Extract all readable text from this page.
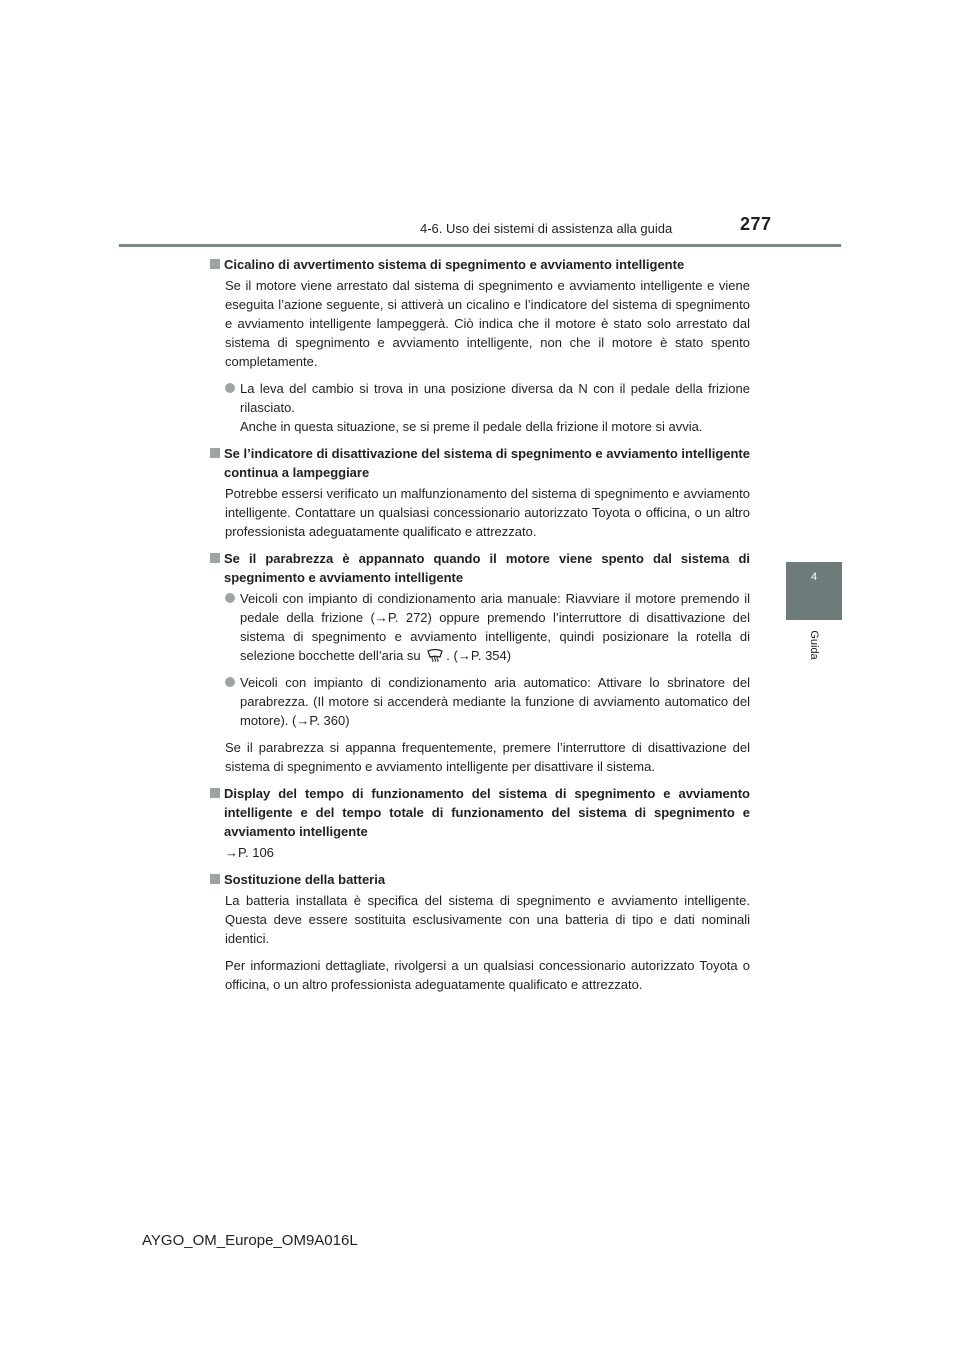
4-6. Uso dei sistemi di assistenza alla guida	277
4
Guida
Cicalino di avvertimento sistema di spegnimento e avviamento intelligente
Se il motore viene arrestato dal sistema di spegnimento e avviamento intelligente e viene eseguita l’azione seguente, si attiverà un cicalino e l’indicatore del sistema di spegnimento e avviamento intelligente lampeggerà. Ciò indica che il motore è stato solo arrestato dal sistema di spegnimento e avviamento intelligente, non che il motore è stato spento completamente.
La leva del cambio si trova in una posizione diversa da N con il pedale della frizione rilasciato.
Anche in questa situazione, se si preme il pedale della frizione il motore si avvia.
Se l’indicatore di disattivazione del sistema di spegnimento e avviamento intelligente continua a lampeggiare
Potrebbe essersi verificato un malfunzionamento del sistema di spegnimento e avviamento intelligente. Contattare un qualsiasi concessionario autorizzato Toyota o officina, o un altro professionista adeguatamente qualificato e attrezzato.
Se il parabrezza è appannato quando il motore viene spento dal sistema di spegnimento e avviamento intelligente
Veicoli con impianto di condizionamento aria manuale: Riavviare il motore premendo il pedale della frizione (→P. 272) oppure premendo l’interruttore di disattivazione del sistema di spegnimento e avviamento intelligente, quindi posizionare la rotella di selezione bocchette dell’aria su . (→P. 354)
Veicoli con impianto di condizionamento aria automatico: Attivare lo sbrinatore del parabrezza. (Il motore si accenderà mediante la funzione di avviamento automatico del motore). (→P. 360)
Se il parabrezza si appanna frequentemente, premere l’interruttore di disattivazione del sistema di spegnimento e avviamento intelligente per disattivare il sistema.
Display del tempo di funzionamento del sistema di spegnimento e avviamento intelligente e del tempo totale di funzionamento del sistema di spegnimento e avviamento intelligente
→P. 106
Sostituzione della batteria
La batteria installata è specifica del sistema di spegnimento e avviamento intelligente. Questa deve essere sostituita esclusivamente con una batteria di tipo e dati nominali identici.
Per informazioni dettagliate, rivolgersi a un qualsiasi concessionario autorizzato Toyota o officina, o un altro professionista adeguatamente qualificato e attrezzato.
AYGO_OM_Europe_OM9A016L
